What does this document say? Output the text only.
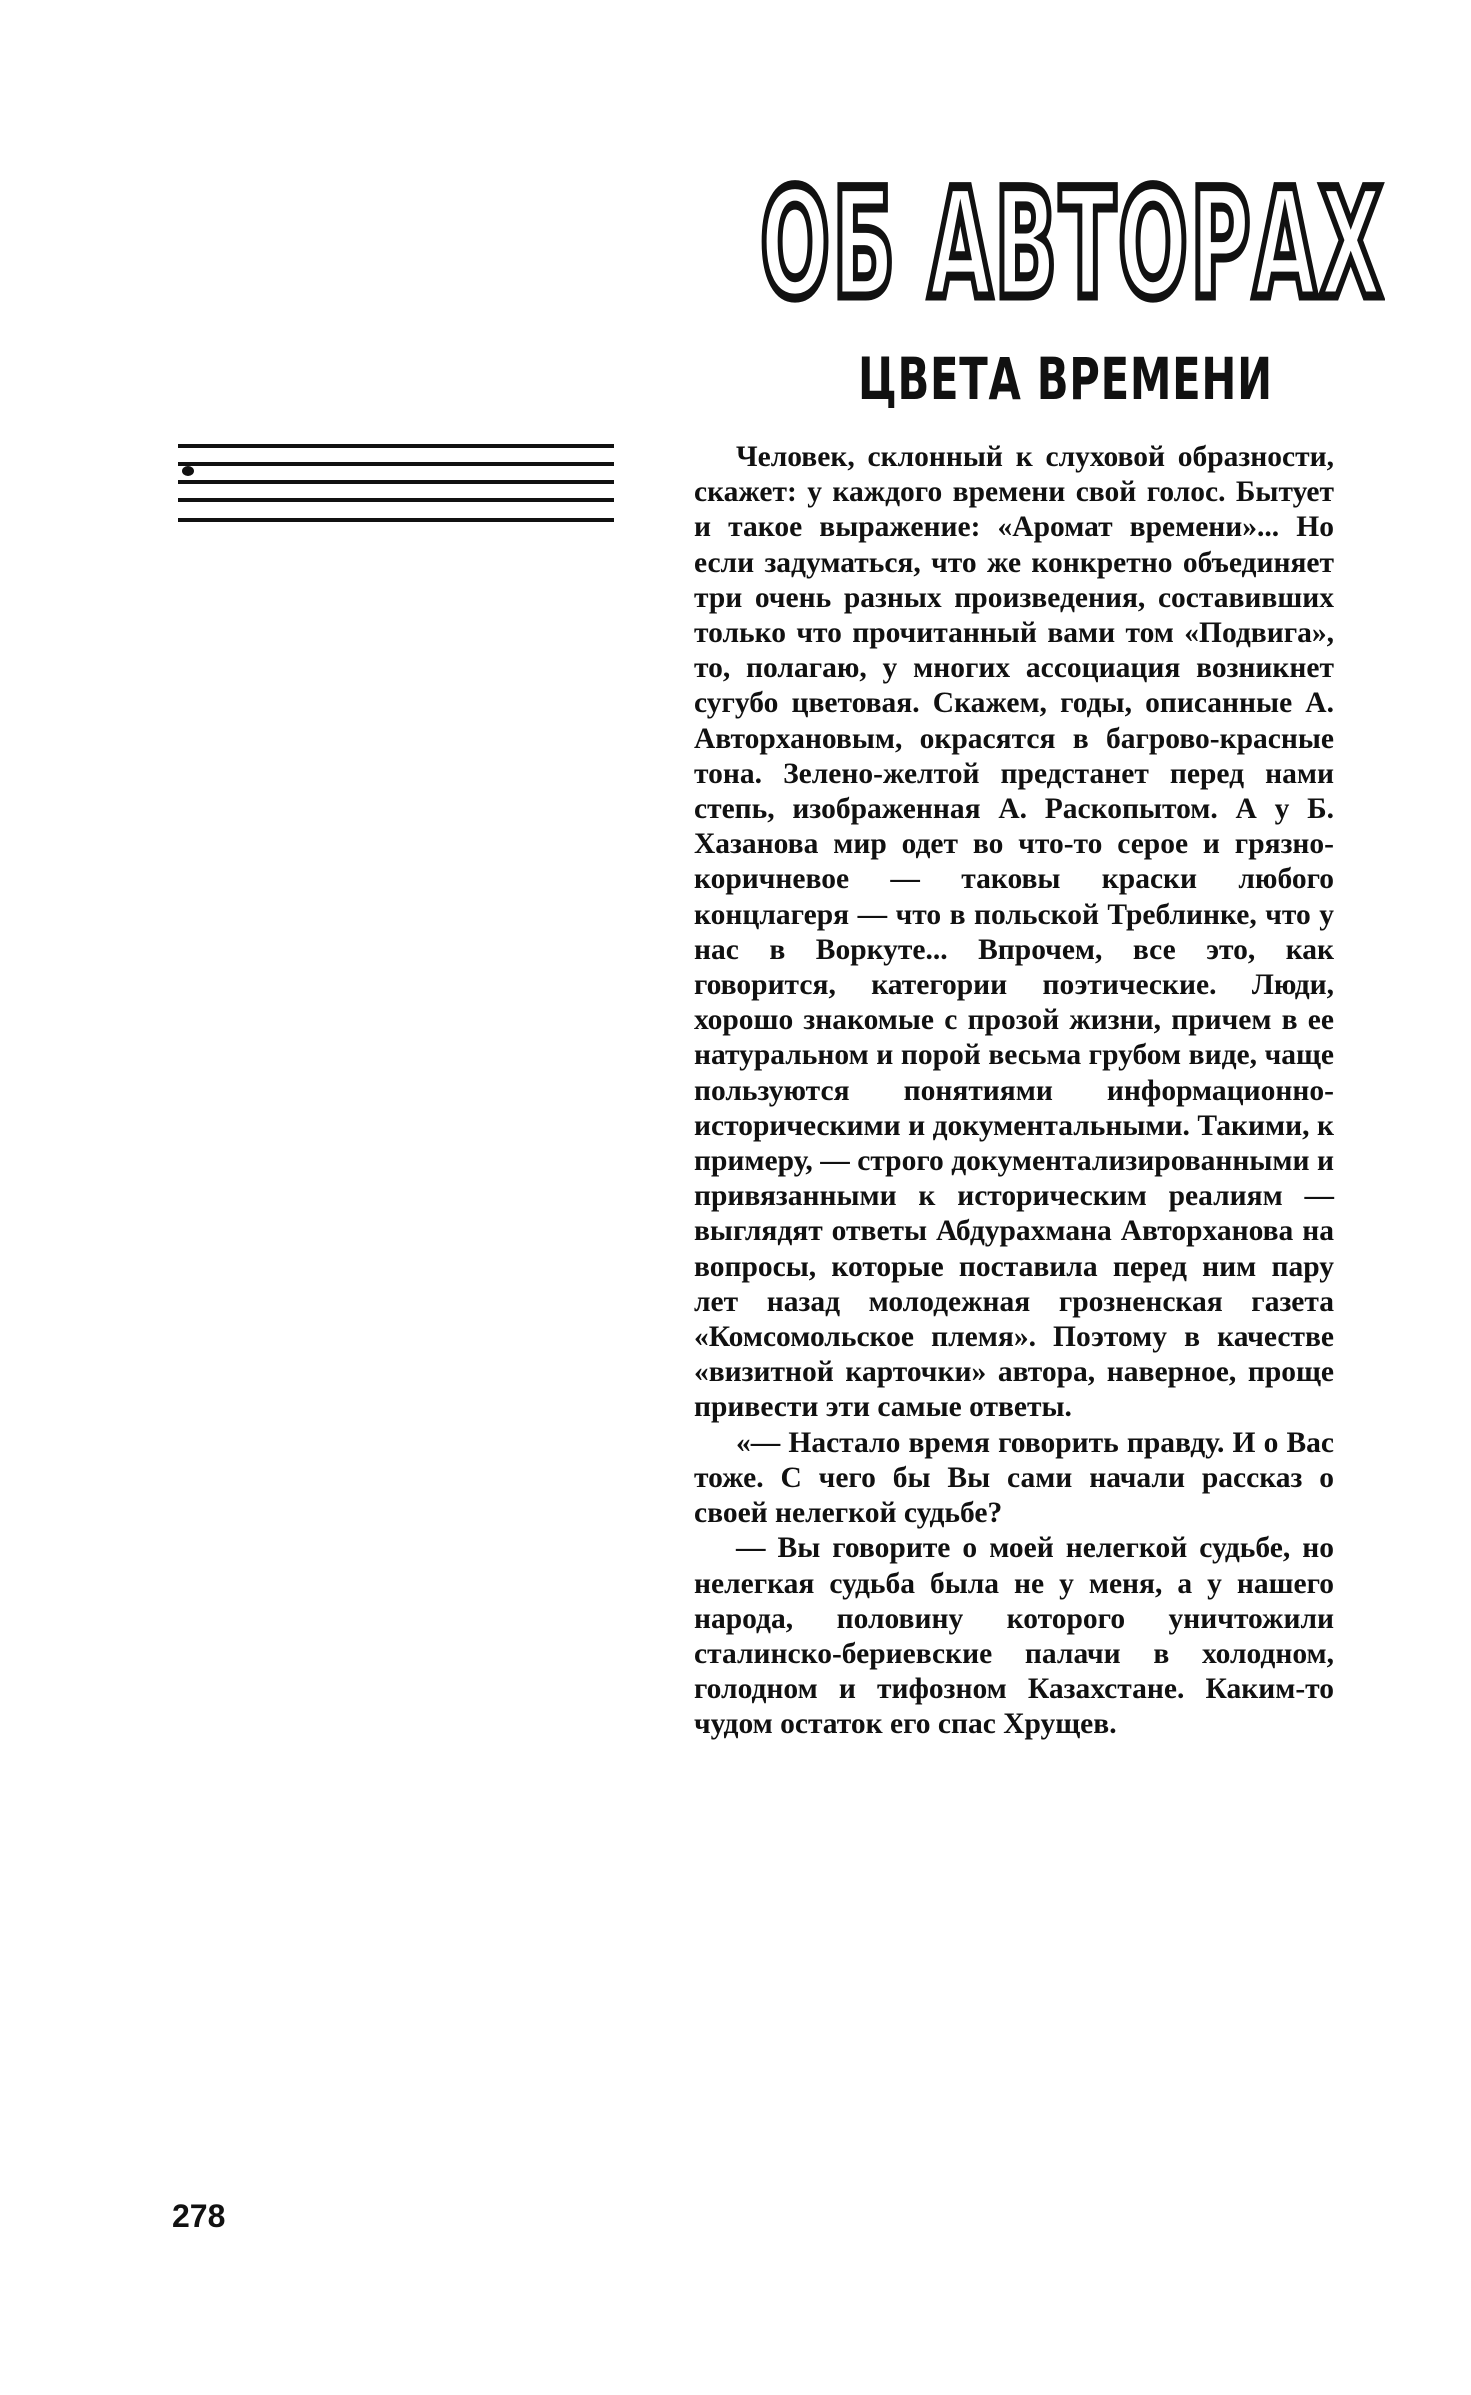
ОБ АВТОРАХ
ЦВЕТА ВРЕМЕНИ

Человек, склонный к слуховой образности, скажет: у каждого времени свой голос. Бытует и такое выражение: «Аромат времени»... Но если задуматься, что же конкретно объединяет три очень разных произведения, составивших только что прочитанный вами том «Подвига», то, полагаю, у многих ассоциация возникнет сугубо цветовая. Скажем, годы, описанные А. Авторхановым, окрасятся в багрово-красные тона. Зелено-желтой предстанет перед нами степь, изображенная А. Раскопытом. А у Б. Хазанова мир одет во что-то серое и грязно-коричневое — таковы краски любого концлагеря — что в польской Треблинке, что у нас в Воркуте... Впрочем, все это, как говорится, категории поэтические. Люди, хорошо знакомые с прозой жизни, причем в ее натуральном и порой весьма грубом виде, чаще пользуются понятиями информационно-историческими и документальными. Такими, к примеру, — строго документализированными и привязанными к историческим реалиям — выглядят ответы Абдурахмана Авторханова на вопросы, которые поставила перед ним пару лет назад молодежная грозненская газета «Комсомольское племя». Поэтому в качестве «визитной карточки» автора, наверное, проще привести эти самые ответы.

«— Настало время говорить правду. И о Вас тоже. С чего бы Вы сами начали рассказ о своей нелегкой судьбе?

— Вы говорите о моей нелегкой судьбе, но нелегкая судьба была не у меня, а у нашего народа, половину которого уничтожили сталинско-бериевские палачи в холодном, голодном и тифозном Казахстане. Каким-то чудом остаток его спас Хрущев.

278
